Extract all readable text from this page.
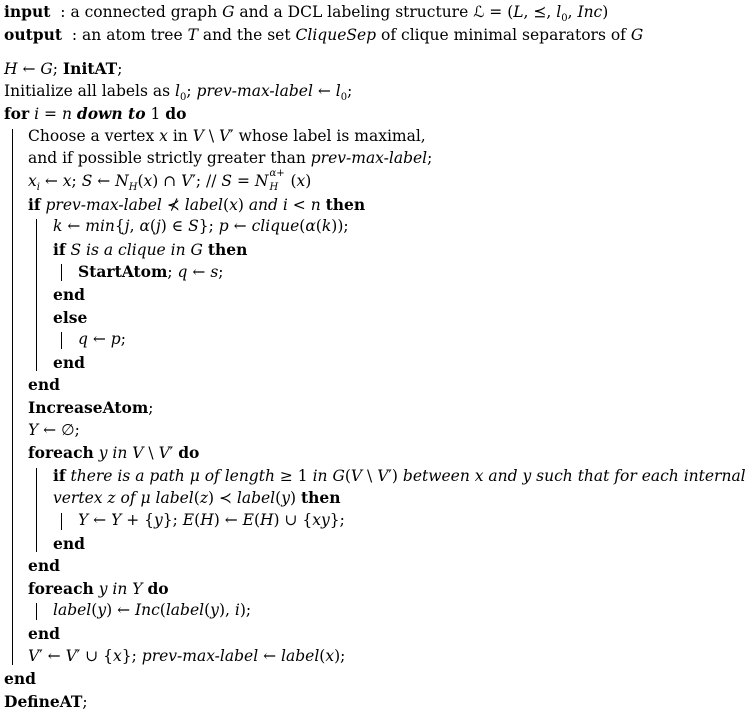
input  : a connected graph G and a DCL labeling structure ℒ = (L, ⪯, $l_0$, Inc)
output  : an atom tree T and the set CliqueSep of clique minimal separators of G
H ← G; InitAT;
Initialize all labels as $l_0$; prev-max-label ← $l_0$;
for i = n down to 1 do
Choose a vertex x in V \ V′ whose label is maximal,
and if possible strictly greater than prev-max-label;
$x_i$ ← x; S ← $N_H(x)$ ∩ V′; // S = N α+
H (x)
if prev-max-label ⊀ label(x) and i < n then
k ← min{j, α(j) ∈ S}; p ← clique(α(k));
if S is a clique in G then
StartAtom; q ← s;
end
else
q ← p;
end
end
IncreaseAtom;
Y ← ∅;
foreach y in V \ V′ do
if there is a path μ of length ≥ 1 in G(V \ V′) between x and y such that for each internal
vertex z of μ label(z) ≺ label(y) then
Y ← Y + {y}; E(H) ← E(H) ∪ {xy};
end
end
foreach y in Y do
label(y) ← Inc(label(y), i);
end
V′ ← V′ ∪ {x}; prev-max-label ← label(x);
end
DefineAT;
